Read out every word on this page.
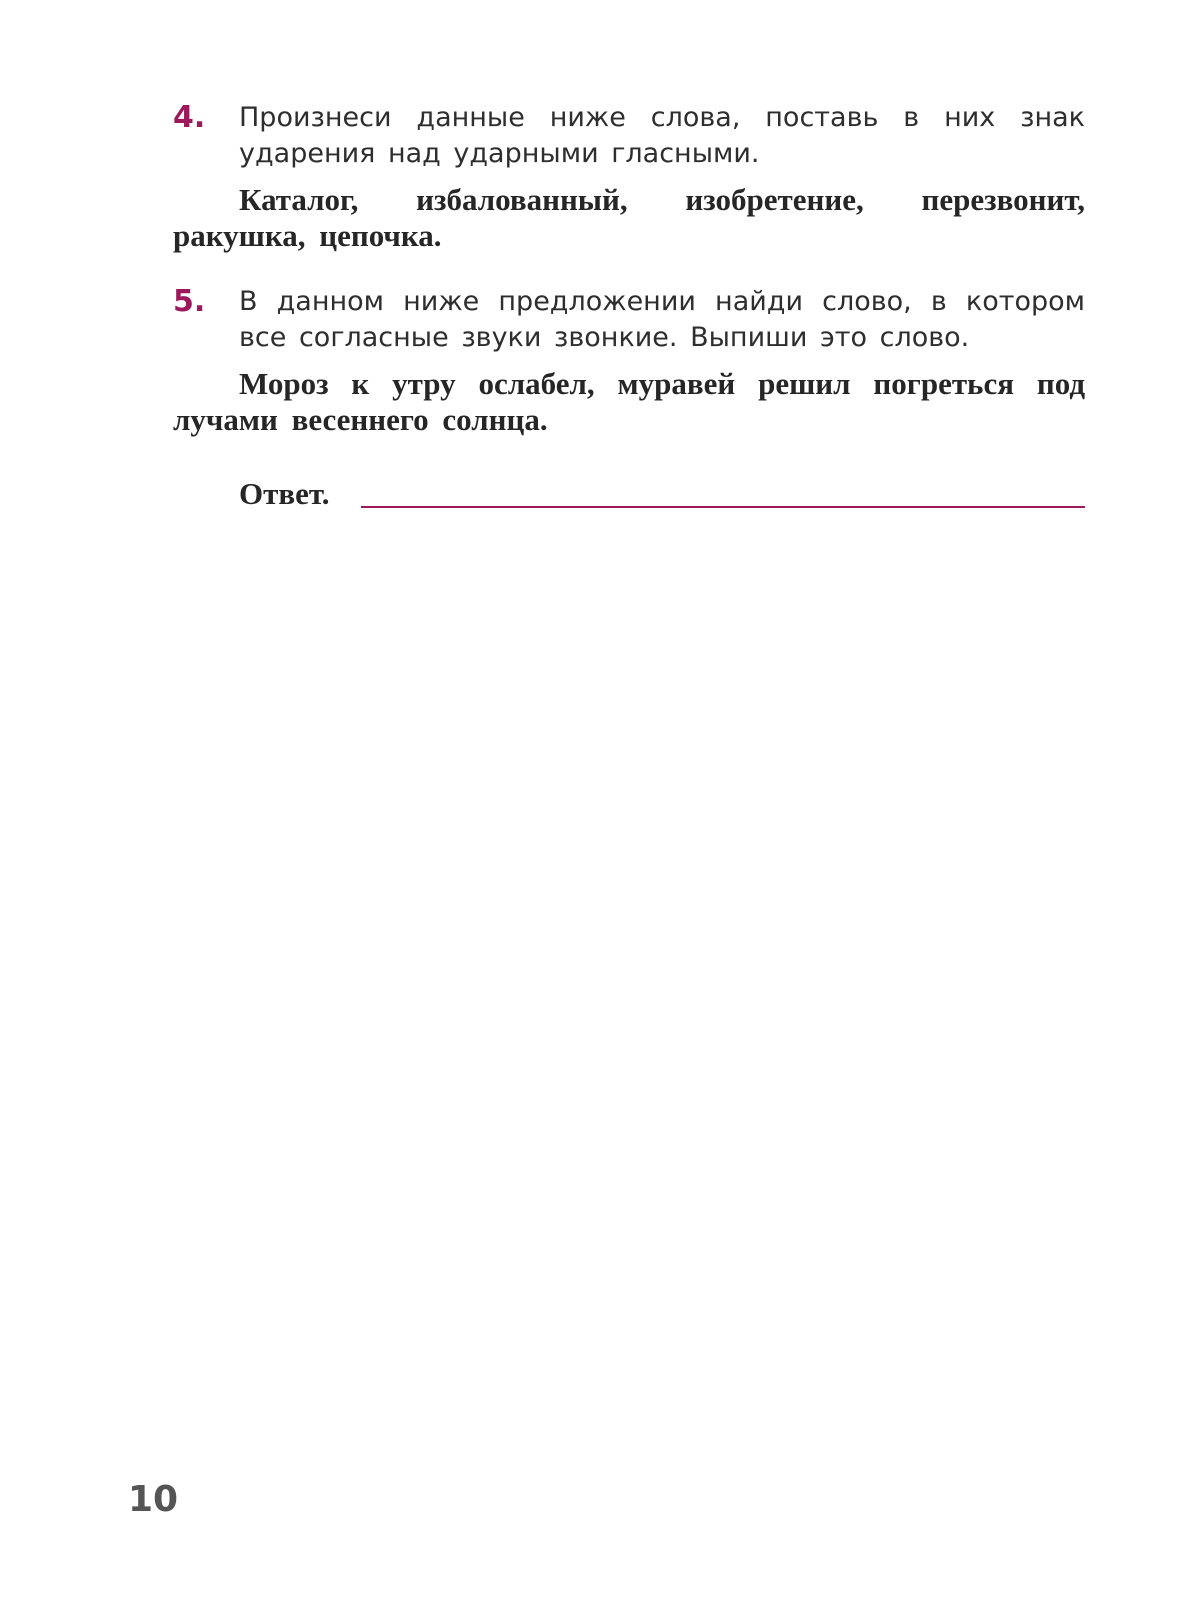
4. Произнеси данные ниже слова, поставь в них знак ударения над ударными гласными.
Каталог, избалованный, изобретение, перезвонит, ракушка, цепочка.
5. В данном ниже предложении найди слово, в котором все согласные звуки звонкие. Выпиши это слово.
Мороз к утру ослабел, муравей решил погреться под лучами весеннего солнца.
Ответ.
10
